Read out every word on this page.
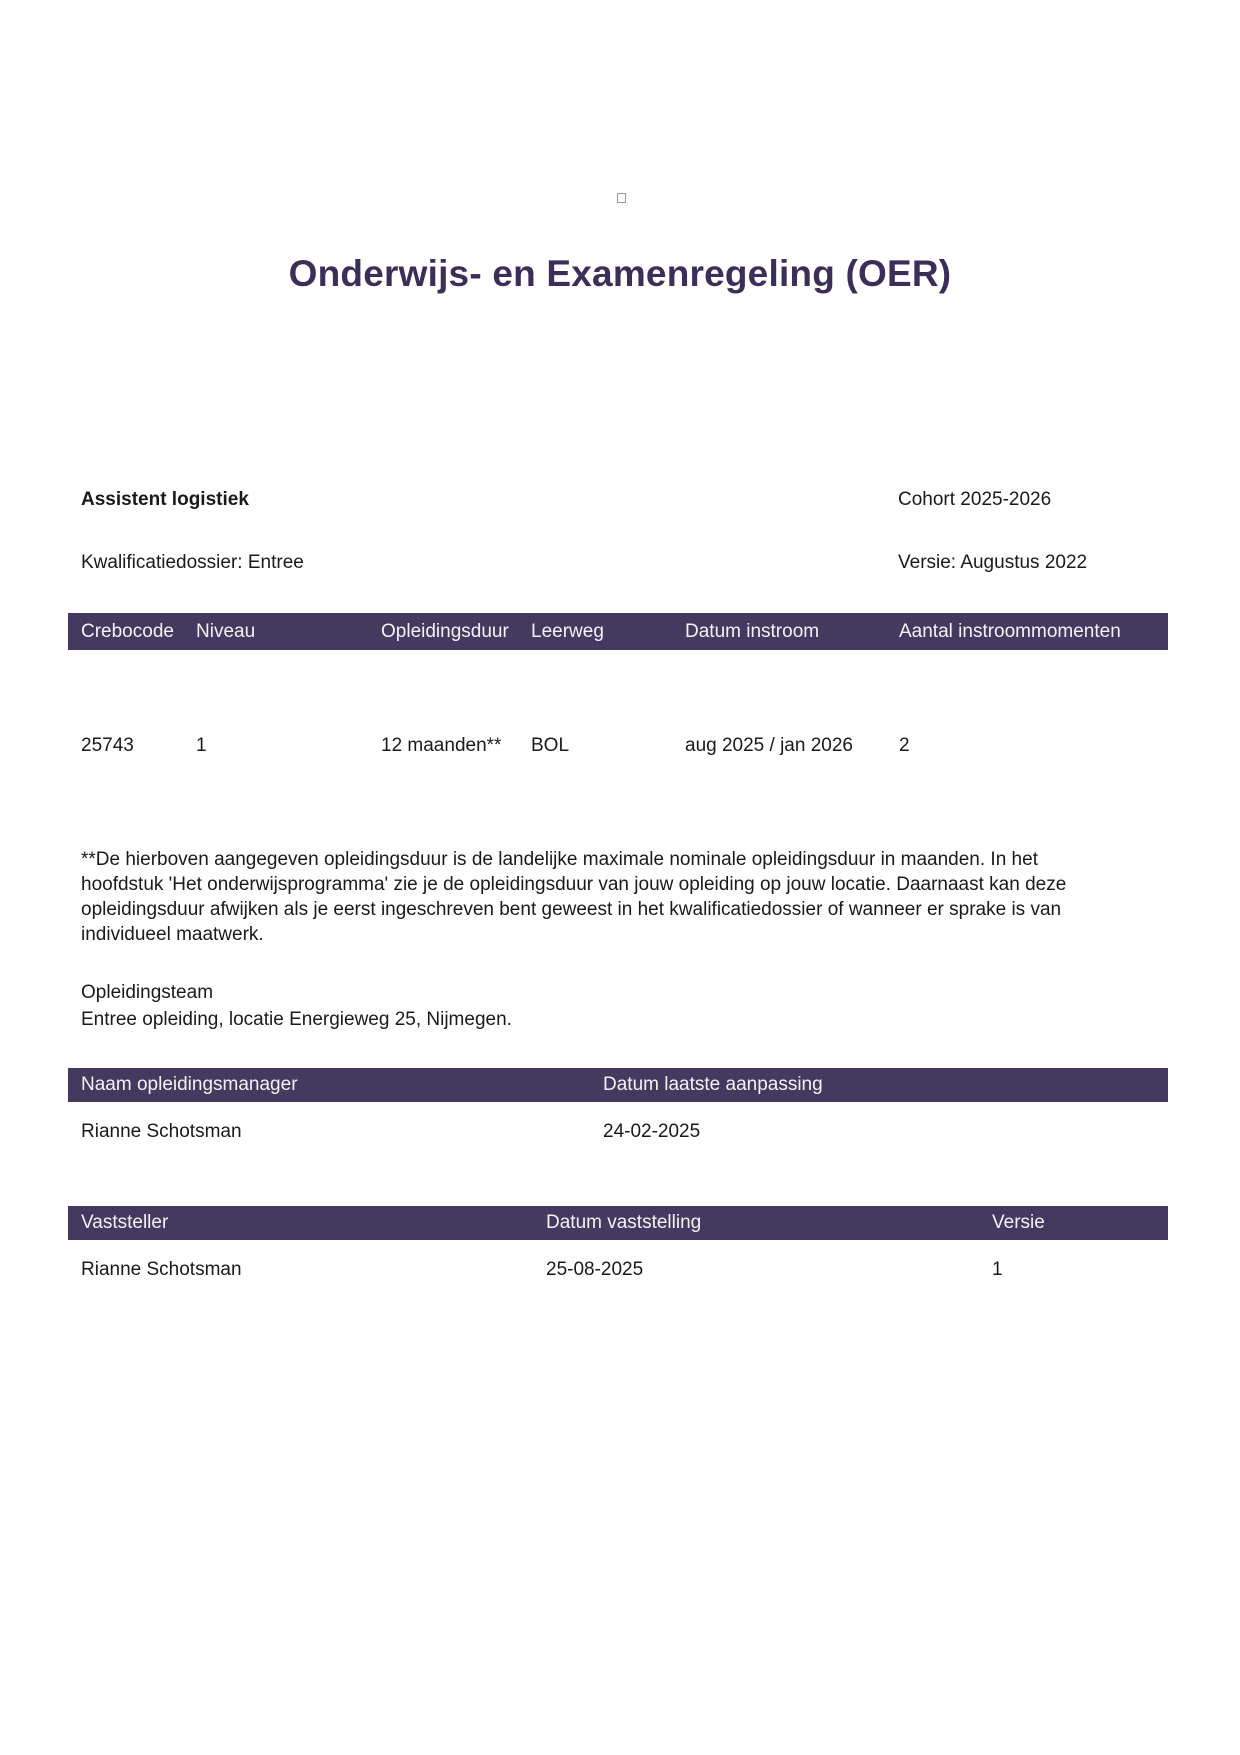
Onderwijs- en Examenregeling (OER)
Assistent logistiek	Cohort 2025-2026
Kwalificatiedossier: Entree	Versie: Augustus 2022
Crebocode	Niveau	Opleidingsduur	Leerweg	Datum instroom	Aantal instroommomenten
25743	1	12 maanden**	BOL	aug 2025 / jan 2026	2

**De hierboven aangegeven opleidingsduur is de landelijke maximale nominale opleidingsduur in maanden. In het hoofdstuk 'Het onderwijsprogramma' zie je de opleidingsduur van jouw opleiding op jouw locatie. Daarnaast kan deze opleidingsduur afwijken als je eerst ingeschreven bent geweest in het kwalificatiedossier of wanneer er sprake is van individueel maatwerk.

Opleidingsteam
Entree opleiding, locatie Energieweg 25, Nijmegen.
Naam opleidingsmanager	Datum laatste aanpassing
Rianne Schotsman	24-02-2025
Vaststeller	Datum vaststelling	Versie
Rianne Schotsman	25-08-2025	1
